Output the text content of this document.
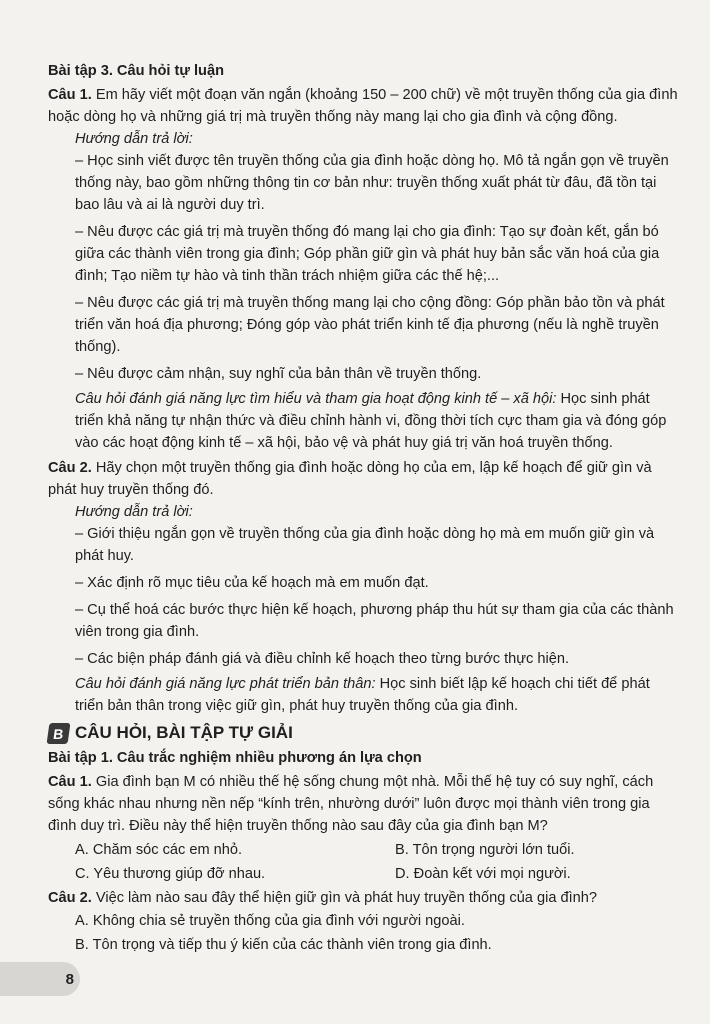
Bài tập 3. Câu hỏi tự luận

Câu 1. Em hãy viết một đoạn văn ngắn (khoảng 150 – 200 chữ) về một truyền thống của gia đình hoặc dòng họ và những giá trị mà truyền thống này mang lại cho gia đình và cộng đồng.

Hướng dẫn trả lời:

– Học sinh viết được tên truyền thống của gia đình hoặc dòng họ. Mô tả ngắn gọn về truyền thống này, bao gồm những thông tin cơ bản như: truyền thống xuất phát từ đâu, đã tồn tại bao lâu và ai là người duy trì.

– Nêu được các giá trị mà truyền thống đó mang lại cho gia đình: Tạo sự đoàn kết, gắn bó giữa các thành viên trong gia đình; Góp phần giữ gìn và phát huy bản sắc văn hoá của gia đình; Tạo niềm tự hào và tinh thần trách nhiệm giữa các thế hệ;...

– Nêu được các giá trị mà truyền thống mang lại cho cộng đồng: Góp phần bảo tồn và phát triển văn hoá địa phương; Đóng góp vào phát triển kinh tế địa phương (nếu là nghề truyền thống).

– Nêu được cảm nhận, suy nghĩ của bản thân về truyền thống.

Câu hỏi đánh giá năng lực tìm hiểu và tham gia hoạt động kinh tế – xã hội: Học sinh phát triển khả năng tự nhận thức và điều chỉnh hành vi, đồng thời tích cực tham gia và đóng góp vào các hoạt động kinh tế – xã hội, bảo vệ và phát huy giá trị văn hoá truyền thống.

Câu 2. Hãy chọn một truyền thống gia đình hoặc dòng họ của em, lập kế hoạch để giữ gìn và phát huy truyền thống đó.

Hướng dẫn trả lời:

– Giới thiệu ngắn gọn về truyền thống của gia đình hoặc dòng họ mà em muốn giữ gìn và phát huy.

– Xác định rõ mục tiêu của kế hoạch mà em muốn đạt.

– Cụ thể hoá các bước thực hiện kế hoạch, phương pháp thu hút sự tham gia của các thành viên trong gia đình.

– Các biện pháp đánh giá và điều chỉnh kế hoạch theo từng bước thực hiện.

Câu hỏi đánh giá năng lực phát triển bản thân: Học sinh biết lập kế hoạch chi tiết để phát triển bản thân trong việc giữ gìn, phát huy truyền thống của gia đình.

B CÂU HỎI, BÀI TẬP TỰ GIẢI

Bài tập 1. Câu trắc nghiệm nhiều phương án lựa chọn

Câu 1. Gia đình bạn M có nhiều thế hệ sống chung một nhà. Mỗi thế hệ tuy có suy nghĩ, cách sống khác nhau nhưng nền nếp “kính trên, nhường dưới” luôn được mọi thành viên trong gia đình duy trì. Điều này thể hiện truyền thống nào sau đây của gia đình bạn M?

A. Chăm sóc các em nhỏ.	B. Tôn trọng người lớn tuổi.
C. Yêu thương giúp đỡ nhau.	D. Đoàn kết với mọi người.

Câu 2. Việc làm nào sau đây thể hiện giữ gìn và phát huy truyền thống của gia đình?

A. Không chia sẻ truyền thống của gia đình với người ngoài.

B. Tôn trọng và tiếp thu ý kiến của các thành viên trong gia đình.

8
